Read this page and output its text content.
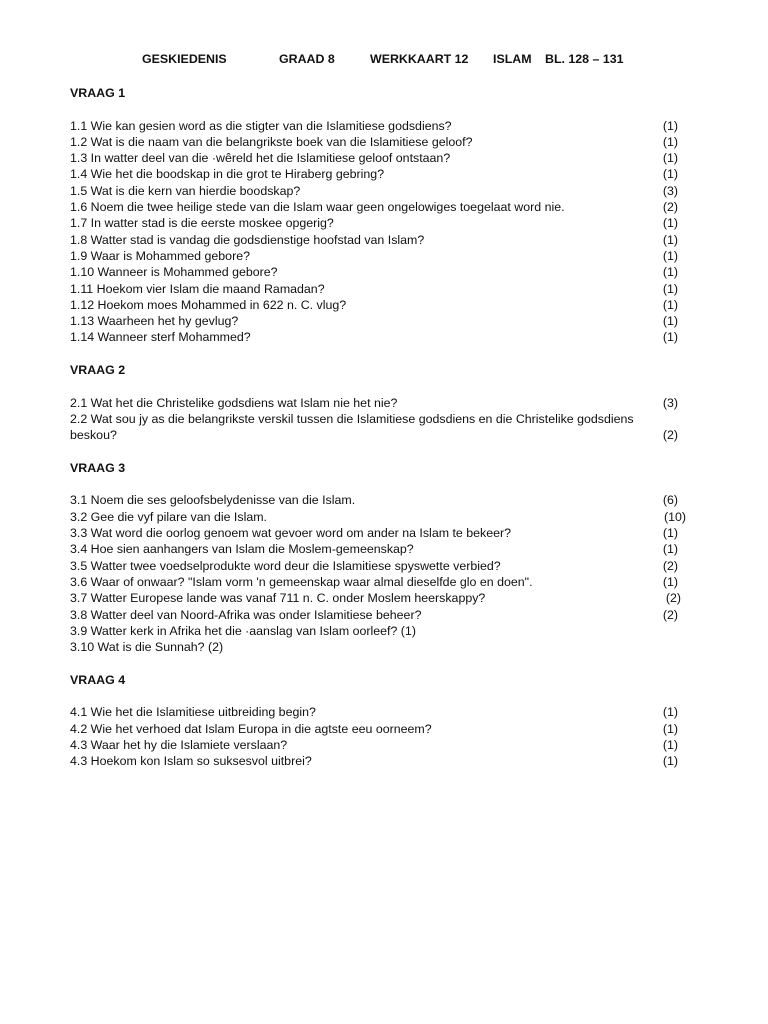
GESKIEDENIS	GRAAD 8	WERKKAART 12 ISLAM BL. 128 – 131
VRAAG 1
1.1 Wie kan gesien word as die stigter van die Islamitiese godsdiens?	(1)
1.2 Wat is die naam van die belangrikste boek van die Islamitiese geloof?	(1)
1.3 In watter deel van die ·wêreld het die Islamitiese geloof ontstaan?	(1)
1.4 Wie het die boodskap in die grot te Hiraberg gebring?	(1)
1.5 Wat is die kern van hierdie boodskap?	(3)
1.6 Noem die twee heilige stede van die Islam waar geen ongelowiges toegelaat word nie.	(2)
1.7 In watter stad is die eerste moskee opgerig?	(1)
1.8 Watter stad is vandag die godsdienstige hoofstad van Islam?	(1)
1.9 Waar is Mohammed gebore?	(1)
1.10 Wanneer is Mohammed gebore?	(1)
1.11 Hoekom vier Islam die maand Ramadan?	(1)
1.12 Hoekom moes Mohammed in 622 n. C. vlug?	(1)
1.13 Waarheen het hy gevlug?	(1)
1.14 Wanneer sterf Mohammed?	(1)
VRAAG 2
2.1 Wat het die Christelike godsdiens wat Islam nie het nie?	(3)
2.2 Wat sou jy as die belangrikste verskil tussen die Islamitiese godsdiens en die Christelike godsdiens beskou?	(2)
VRAAG 3
3.1 Noem die ses geloofsbelydenisse van die Islam.	(6)
3.2 Gee die vyf pilare van die Islam.	(10)
3.3 Wat word die oorlog genoem wat gevoer word om ander na Islam te bekeer?	(1)
3.4 Hoe sien aanhangers van Islam die Moslem-gemeenskap?	(1)
3.5 Watter twee voedselprodukte word deur die Islamitiese spyswette verbied?	(2)
3.6 Waar of onwaar? "Islam vorm 'n gemeenskap waar almal dieselfde glo en doen".	(1)
3.7 Watter Europese lande was vanaf 711 n. C. onder Moslem heerskappy?	(2)
3.8 Watter deel van Noord-Afrika was onder Islamitiese beheer?	(2)
3.9 Watter kerk in Afrika het die ·aanslag van Islam oorleef? (1)
3.10 Wat is die Sunnah? (2)
VRAAG 4
4.1 Wie het die Islamitiese uitbreiding begin?	(1)
4.2 Wie het verhoed dat Islam Europa in die agtste eeu oorneem?	(1)
4.3 Waar het hy die Islamiete verslaan?	(1)
4.3 Hoekom kon Islam so suksesvol uitbrei?	(1)
